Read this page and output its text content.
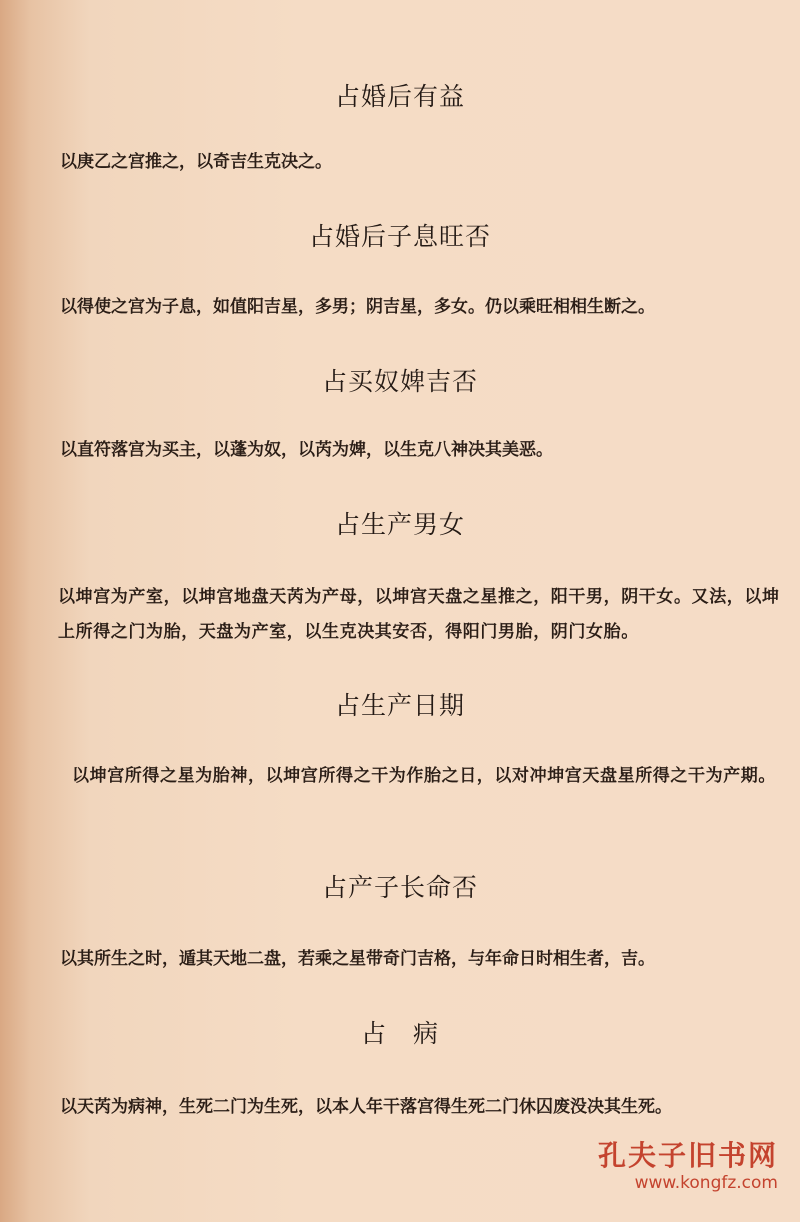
占婚后有益

以庚乙之宫推之，以奇吉生克决之。

占婚后子息旺否

以得使之宫为子息，如值阳吉星，多男；阴吉星，多女。仍以乘旺相相生断之。

占买奴婢吉否

以直符落宫为买主，以蓬为奴，以芮为婢，以生克八神决其美恶。

占生产男女

以坤宫为产室，以坤宫地盘天芮为产母，以坤宫天盘之星推之，阳干男，阴干女。又法，以坤上所得之门为胎，天盘为产室，以生克决其安否，得阳门男胎，阴门女胎。

占生产日期

以坤宫所得之星为胎神，以坤宫所得之干为作胎之日，以对冲坤宫天盘星所得之干为产期。

占产子长命否

以其所生之时，遁其天地二盘，若乘之星带奇门吉格，与年命日时相生者，吉。

占　病

以天芮为病神，生死二门为生死，以本人年干落宫得生死二门休囚废没决其生死。

孔夫子旧书网
www.kongfz.com
